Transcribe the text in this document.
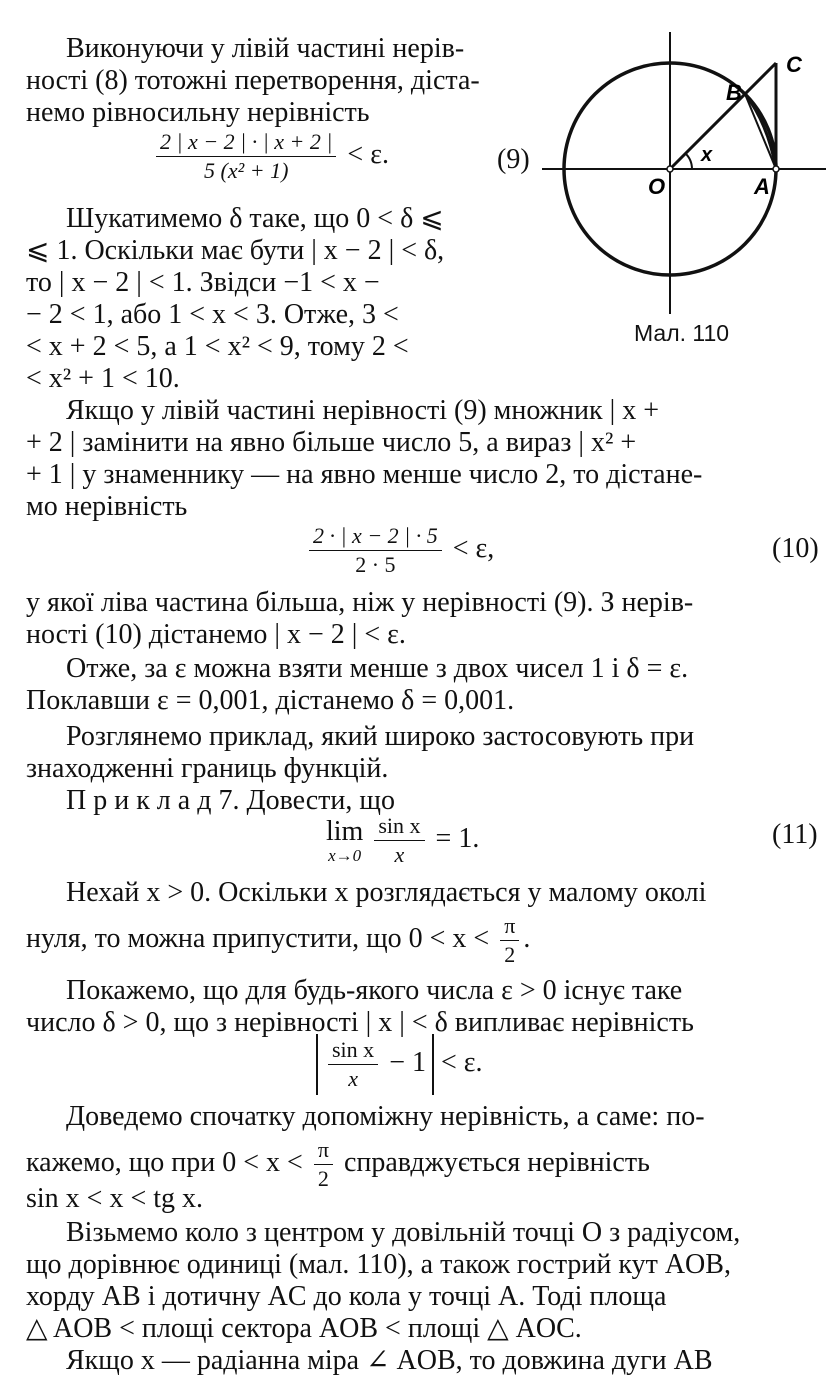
Виконуючи у лівій частині нерів-
ності (8) тотожні перетворення, діста-
немо рівносильну нерівність
$\frac{2 | x - 2 | \cdot | x + 2 |}{\text{5 (x² + 1)}} < \varepsilon$.	(9)
Шукатимемо δ таке, що 0 < δ ⩽
⩽ 1. Оскільки має бути | x − 2 | < δ,
то | x − 2 | < 1. Звідси −1 < x −
− 2 < 1, або 1 < x < 3. Отже, 3 <
< x + 2 < 5, а 1 < x² < 9, тому 2 <
< x² + 1 < 10.
O	A
B
C
x
Мал. 110
Якщо у лівій частині нерівності (9) множник | x +
+ 2 | замінити на явно більше число 5, а вираз | x² +
+ 1 | у знаменнику — на явно менше число 2, то дістане-
мо нерівність
$\frac{2 \cdot | x - 2 | \cdot 5}{2 \cdot 5} < \varepsilon$,	(10)
у якої ліва частина більша, ніж у нерівності (9). З нерів-
ності (10) дістанемо | x − 2 | < ε.
Отже, за ε можна взяти менше з двох чисел 1 і δ = ε.
Поклавши ε = 0,001, дістанемо δ = 0,001.
Розглянемо приклад, який широко застосовують при
знаходженні границь функцій.
П р и к л а д 7. Довести, що
lim
x→0
$\frac{\text{sin x}}{x} = 1$.	(11)
Нехай x > 0. Оскільки x розглядається у малому околі
нуля, то можна припустити, що $0 < x < \frac{\pi}{2}$ .
Покажемо, що для будь-якого числа ε > 0 існує таке
число δ > 0, що з нерівності | x | < δ випливає нерівність
$\frac{\text{sin x}}{x} - 1 < \varepsilon$.
Доведемо спочатку допоміжну нерівність, а саме: по-
кажемо, що при $0 < x < \frac{\pi}{2}$ справджується нерівність
sin x < x < tg x.
Візьмемо коло з центром у довільній точці O з радіусом,
що дорівнює одиниці (мал. 110), а також гострий кут AOB,
хорду AB і дотичну AC до кола у точці A. Тоді площа
△ AOB < площі сектора AOB < площі △ AOC.
Якщо x — радіанна міра ∠ AOB, то довжина дуги AB
